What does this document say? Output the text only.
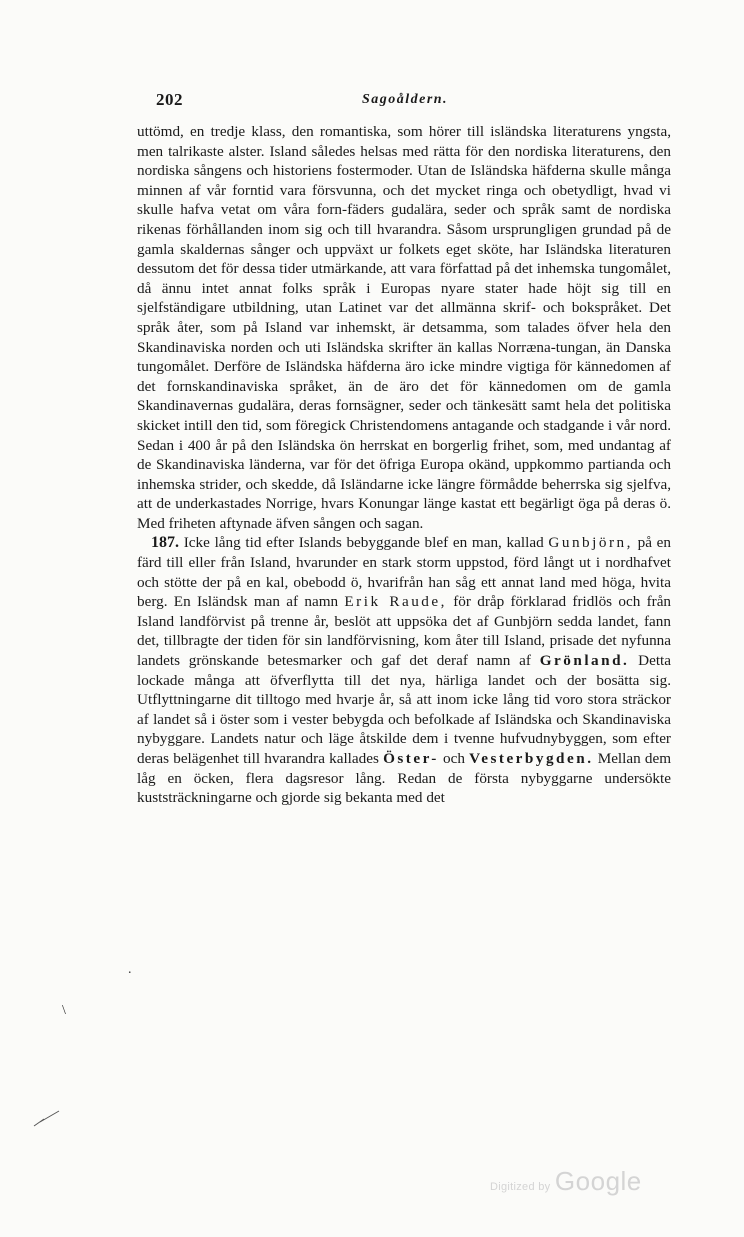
202	Sagoåldern.

uttömd, en tredje klass, den romantiska, som hörer till isländska literaturens yngsta, men talrikaste alster. Island således helsas med rätta för den nordiska literaturens, den nordiska sångens och historiens fostermoder. Utan de Isländska häfderna skulle många minnen af vår forntid vara försvunna, och det mycket ringa och obetydligt, hvad vi skulle hafva vetat om våra forn-fäders gudalära, seder och språk samt de nordiska rikenas förhållanden inom sig och till hvarandra. Såsom ursprungligen grundad på de gamla skaldernas sånger och uppväxt ur folkets eget sköte, har Isländska literaturen dessutom det för dessa tider utmärkande, att vara författad på det inhemska tungomålet, då ännu intet annat folks språk i Europas nyare stater hade höjt sig till en sjelfständigare utbildning, utan Latinet var det allmänna skrif- och bokspråket. Det språk åter, som på Island var inhemskt, är detsamma, som talades öfver hela den Skandinaviska norden och uti Isländska skrifter än kallas Norræna-tungan, än Danska tungomålet. Derföre de Isländska häfderna äro icke mindre vigtiga för kännedomen af det fornskandinaviska språket, än de äro det för kännedomen om de gamla Skandinavernas gudalära, deras fornsägner, seder och tänkesätt samt hela det politiska skicket intill den tid, som föregick Christendomens antagande och stadgande i vår nord. Sedan i 400 år på den Isländska ön herrskat en borgerlig frihet, som, med undantag af de Skandinaviska länderna, var för det öfriga Europa okänd, uppkommo partianda och inhemska strider, och skedde, då Isländarne icke längre förmådde beherrska sig sjelfva, att de underkastades Norrige, hvars Konungar länge kastat ett begärligt öga på deras ö. Med friheten aftynade äfven sången och sagan.

187. Icke lång tid efter Islands bebyggande blef en man, kallad Gunbjörn, på en färd till eller från Island, hvarunder en stark storm uppstod, förd långt ut i nordhafvet och stötte der på en kal, obebodd ö, hvarifrån han såg ett annat land med höga, hvita berg. En Isländsk man af namn Erik Raude, för dråp förklarad fridlös och från Island landförvist på trenne år, beslöt att uppsöka det af Gunbjörn sedda landet, fann det, tillbragte der tiden för sin landförvisning, kom åter till Island, prisade det nyfunna landets grönskande betesmarker och gaf det deraf namn af Grönland. Detta lockade många att öfverflytta till det nya, härliga landet och der bosätta sig. Utflyttningarne dit tilltogo med hvarje år, så att inom icke lång tid voro stora sträckor af landet så i öster som i vester bebygda och befolkade af Isländska och Skandinaviska nybyggare. Landets natur och läge åtskilde dem i tvenne hufvudnybyggen, som efter deras belägenhet till hvarandra kallades Öster- och Vesterbygden. Mellan dem låg en öcken, flera dagsresor lång. Redan de första nybyggarne undersökte kuststräckningarne och gjorde sig bekanta med det

.
\
Digitized by Google
